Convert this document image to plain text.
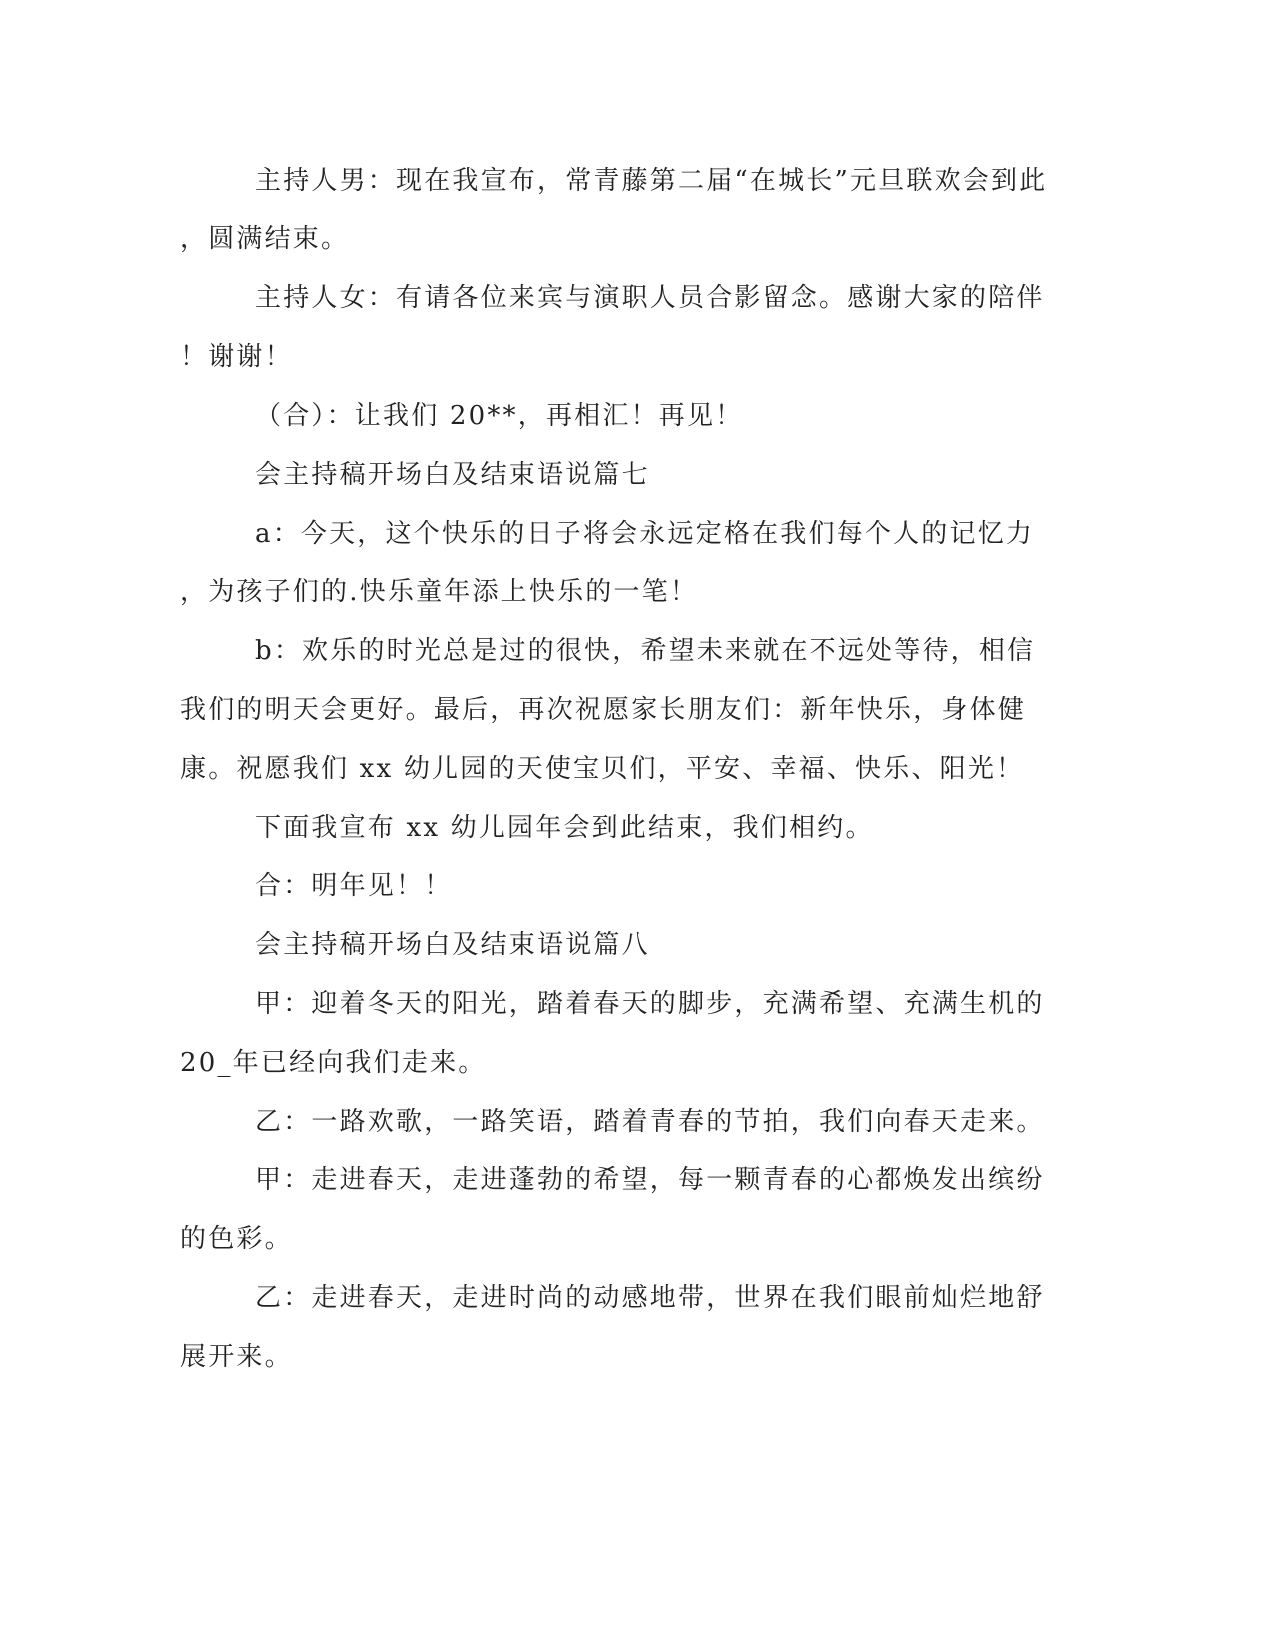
主持人男：现在我宣布，常青藤第二届“在城长”元旦联欢会到此
，圆满结束。
主持人女：有请各位来宾与演职人员合影留念。感谢大家的陪伴
！谢谢！
（合）：让我们 20**，再相汇！再见！
会主持稿开场白及结束语说篇七
a：今天，这个快乐的日子将会永远定格在我们每个人的记忆力
，为孩子们的.快乐童年添上快乐的一笔！
b：欢乐的时光总是过的很快，希望未来就在不远处等待，相信
我们的明天会更好。最后，再次祝愿家长朋友们：新年快乐，身体健
康。祝愿我们 xx 幼儿园的天使宝贝们，平安、幸福、快乐、阳光！
下面我宣布 xx 幼儿园年会到此结束，我们相约。
合：明年见！！
会主持稿开场白及结束语说篇八
甲：迎着冬天的阳光，踏着春天的脚步，充满希望、充满生机的
20_年已经向我们走来。
乙：一路欢歌，一路笑语，踏着青春的节拍，我们向春天走来。
甲：走进春天，走进蓬勃的希望，每一颗青春的心都焕发出缤纷
的色彩。
乙：走进春天，走进时尚的动感地带，世界在我们眼前灿烂地舒
展开来。
